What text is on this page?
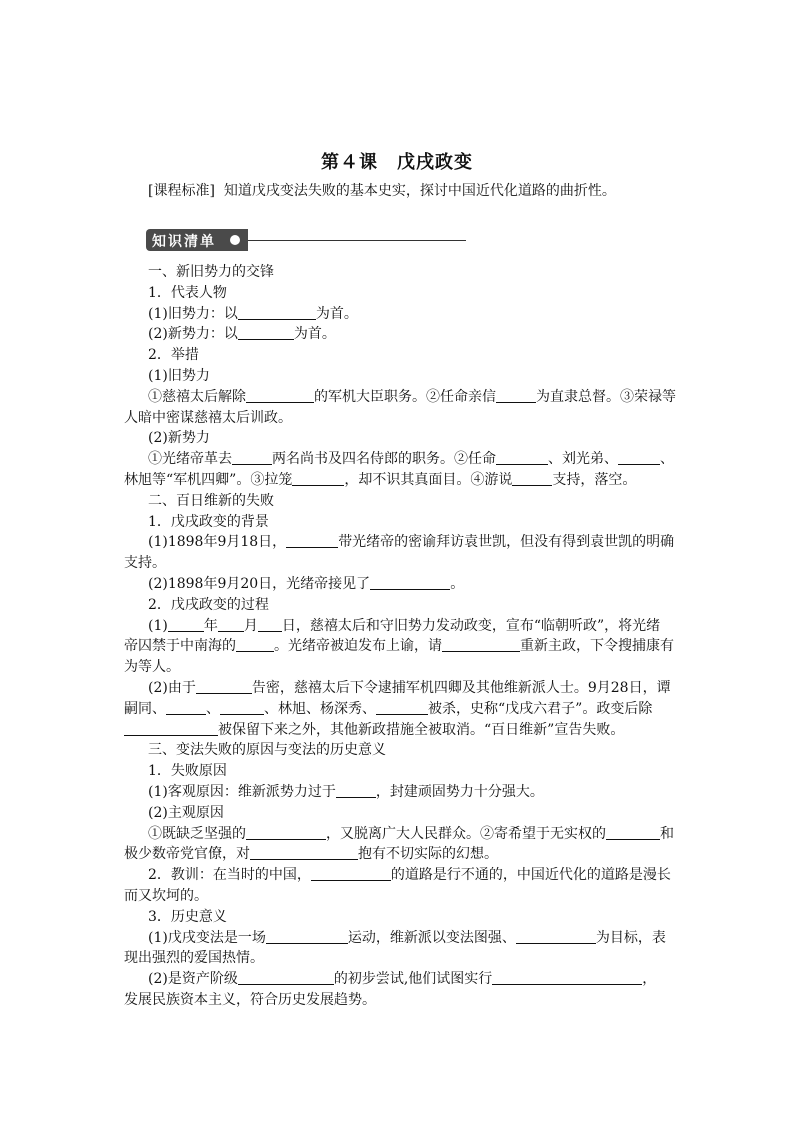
第４课　戊戌政变
[课程标准] 知道戊戌变法失败的基本史实，探讨中国近代化道路的曲折性。
知识清单
一、新旧势力的交锋
1．代表人物
(1)旧势力：以	为首。
(2)新势力：以	为首。
2．举措
(1)旧势力
①慈禧太后解除	的军机大臣职务。②任命亲信	为直隶总督。③荣禄等
人暗中密谋慈禧太后训政。
(2)新势力
①光绪帝革去	两名尚书及四名侍郎的职务。②任命	、刘光弟、	、
林旭等“军机四卿”。③拉笼	，却不识其真面目。④游说	支持，落空。
二、百日维新的失败
1．戊戌政变的背景
(1)1898年9月18日，	带光绪帝的密谕拜访袁世凯，但没有得到袁世凯的明确
支持。
(2)1898年9月20日，光绪帝接见了	。
2．戊戌政变的过程
(1)	年 月 日，慈禧太后和守旧势力发动政变，宣布“临朝听政”，将光绪
帝囚禁于中南海的	。光绪帝被迫发布上谕，请	重新主政，下令搜捕康有
为等人。
(2)由于	告密，慈禧太后下令逮捕军机四卿及其他维新派人士。9月28日，谭
嗣同、	、	、林旭、杨深秀、	被杀，史称“戊戌六君子”。政变后除
被保留下来之外，其他新政措施全被取消。“百日维新”宣告失败。
三、变法失败的原因与变法的历史意义
1．失败原因
(1)客观原因：维新派势力过于	，封建顽固势力十分强大。
(2)主观原因
①既缺乏坚强的	，又脱离广大人民群众。②寄希望于无实权的	和
极少数帝党官僚，对	抱有不切实际的幻想。
2．教训：在当时的中国，	的道路是行不通的，中国近代化的道路是漫长
而又坎坷的。
3．历史意义
(1)戊戌变法是一场	运动，维新派以变法图强、	为目标，表
现出强烈的爱国热情。
(2)是资产阶级	的初步尝试,他们试图实行	，
发展民族资本主义，符合历史发展趋势。
